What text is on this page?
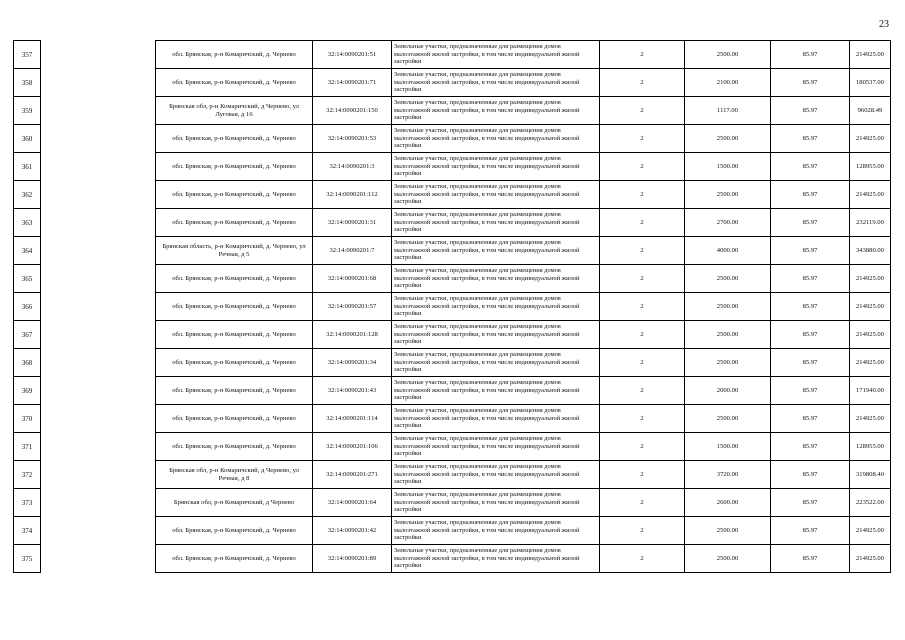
23
357		обл. Брянская, р-н Комаричский, д. Чернево	32:14:0090201:51	Земельные участки, предназначенные для размещения домов малоэтажной жилой застройки, в том числе индивидуальной жилой застройки	2	2500.00	85.97	214925.00
358		обл. Брянская, р-н Комаричский, д. Чернево	32:14:0090201:71	Земельные участки, предназначенные для размещения домов малоэтажной жилой застройки, в том числе индивидуальной жилой застройки	2	2100.00	85.97	180537.00
359		Брянская обл, р-н Комаричский, д Чернево, ул Луговая, д 16	32:14:0090201:150	Земельные участки, предназначенные для размещения домов малоэтажной жилой застройки, в том числе индивидуальной жилой застройки	2	1117.00	85.97	96028.49
360		обл. Брянская, р-н Комаричский, д. Чернево	32:14:0090201:53	Земельные участки, предназначенные для размещения домов малоэтажной жилой застройки, в том числе индивидуальной жилой застройки	2	2500.00	85.97	214925.00
361		обл. Брянская, р-н Комаричский, д. Чернево	32:14:0090201:3	Земельные участки, предназначенные для размещения домов малоэтажной жилой застройки, в том числе индивидуальной жилой застройки	2	1500.00	85.97	128955.00
362		обл. Брянская, р-н Комаричский, д. Чернево	32:14:0090201:112	Земельные участки, предназначенные для размещения домов малоэтажной жилой застройки, в том числе индивидуальной жилой застройки	2	2500.00	85.97	214925.00
363		обл. Брянская, р-н Комаричский, д. Чернево	32:14:0090201:31	Земельные участки, предназначенные для размещения домов малоэтажной жилой застройки, в том числе индивидуальной жилой застройки	2	2700.00	85.97	232119.00
364		Брянская область, р-н Комаричский, д. Чернево, ул Речная, д 5	32:14:0090201:7	Земельные участки, предназначенные для размещения домов малоэтажной жилой застройки, в том числе индивидуальной жилой застройки	2	4000.00	85.97	343880.00
365		обл. Брянская, р-н Комаричский, д. Чернево	32:14:0090201:68	Земельные участки, предназначенные для размещения домов малоэтажной жилой застройки, в том числе индивидуальной жилой застройки	2	2500.00	85.97	214925.00
366		обл. Брянская, р-н Комаричский, д. Чернево	32:14:0090201:57	Земельные участки, предназначенные для размещения домов малоэтажной жилой застройки, в том числе индивидуальной жилой застройки	2	2500.00	85.97	214925.00
367		обл. Брянская, р-н Комаричский, д. Чернево	32:14:0090201:128	Земельные участки, предназначенные для размещения домов малоэтажной жилой застройки, в том числе индивидуальной жилой застройки	2	2500.00	85.97	214925.00
368		обл. Брянская, р-н Комаричский, д. Чернево	32:14:0090201:34	Земельные участки, предназначенные для размещения домов малоэтажной жилой застройки, в том числе индивидуальной жилой застройки	2	2500.00	85.97	214925.00
369		обл. Брянская, р-н Комаричский, д. Чернево	32:14:0090201:43	Земельные участки, предназначенные для размещения домов малоэтажной жилой застройки, в том числе индивидуальной жилой застройки	2	2000.00	85.97	171940.00
370		обл. Брянская, р-н Комаричский, д. Чернево	32:14:0090201:114	Земельные участки, предназначенные для размещения домов малоэтажной жилой застройки, в том числе индивидуальной жилой застройки	2	2500.00	85.97	214925.00
371		обл. Брянская, р-н Комаричский, д. Чернево	32:14:0090201:106	Земельные участки, предназначенные для размещения домов малоэтажной жилой застройки, в том числе индивидуальной жилой застройки	2	1500.00	85.97	128955.00
372		Брянская обл, р-н Комаричский, д Чернево, ул Речная, д 8	32:14:0090201:271	Земельные участки, предназначенные для размещения домов малоэтажной жилой застройки, в том числе индивидуальной жилой застройки	2	3720.00	85.97	319808.40
373		Брянская обл, р-н Комаричский, д Чернево	32:14:0090201:64	Земельные участки, предназначенные для размещения домов малоэтажной жилой застройки, в том числе индивидуальной жилой застройки	2	2600.00	85.97	223522.00
374		обл. Брянская, р-н Комаричский, д. Чернево	32:14:0090201:42	Земельные участки, предназначенные для размещения домов малоэтажной жилой застройки, в том числе индивидуальной жилой застройки	2	2500.00	85.97	214925.00
375		обл. Брянская, р-н Комаричский, д. Чернево	32:14:0090201:89	Земельные участки, предназначенные для размещения домов малоэтажной жилой застройки, в том числе индивидуальной жилой застройки	2	2500.00	85.97	214925.00
